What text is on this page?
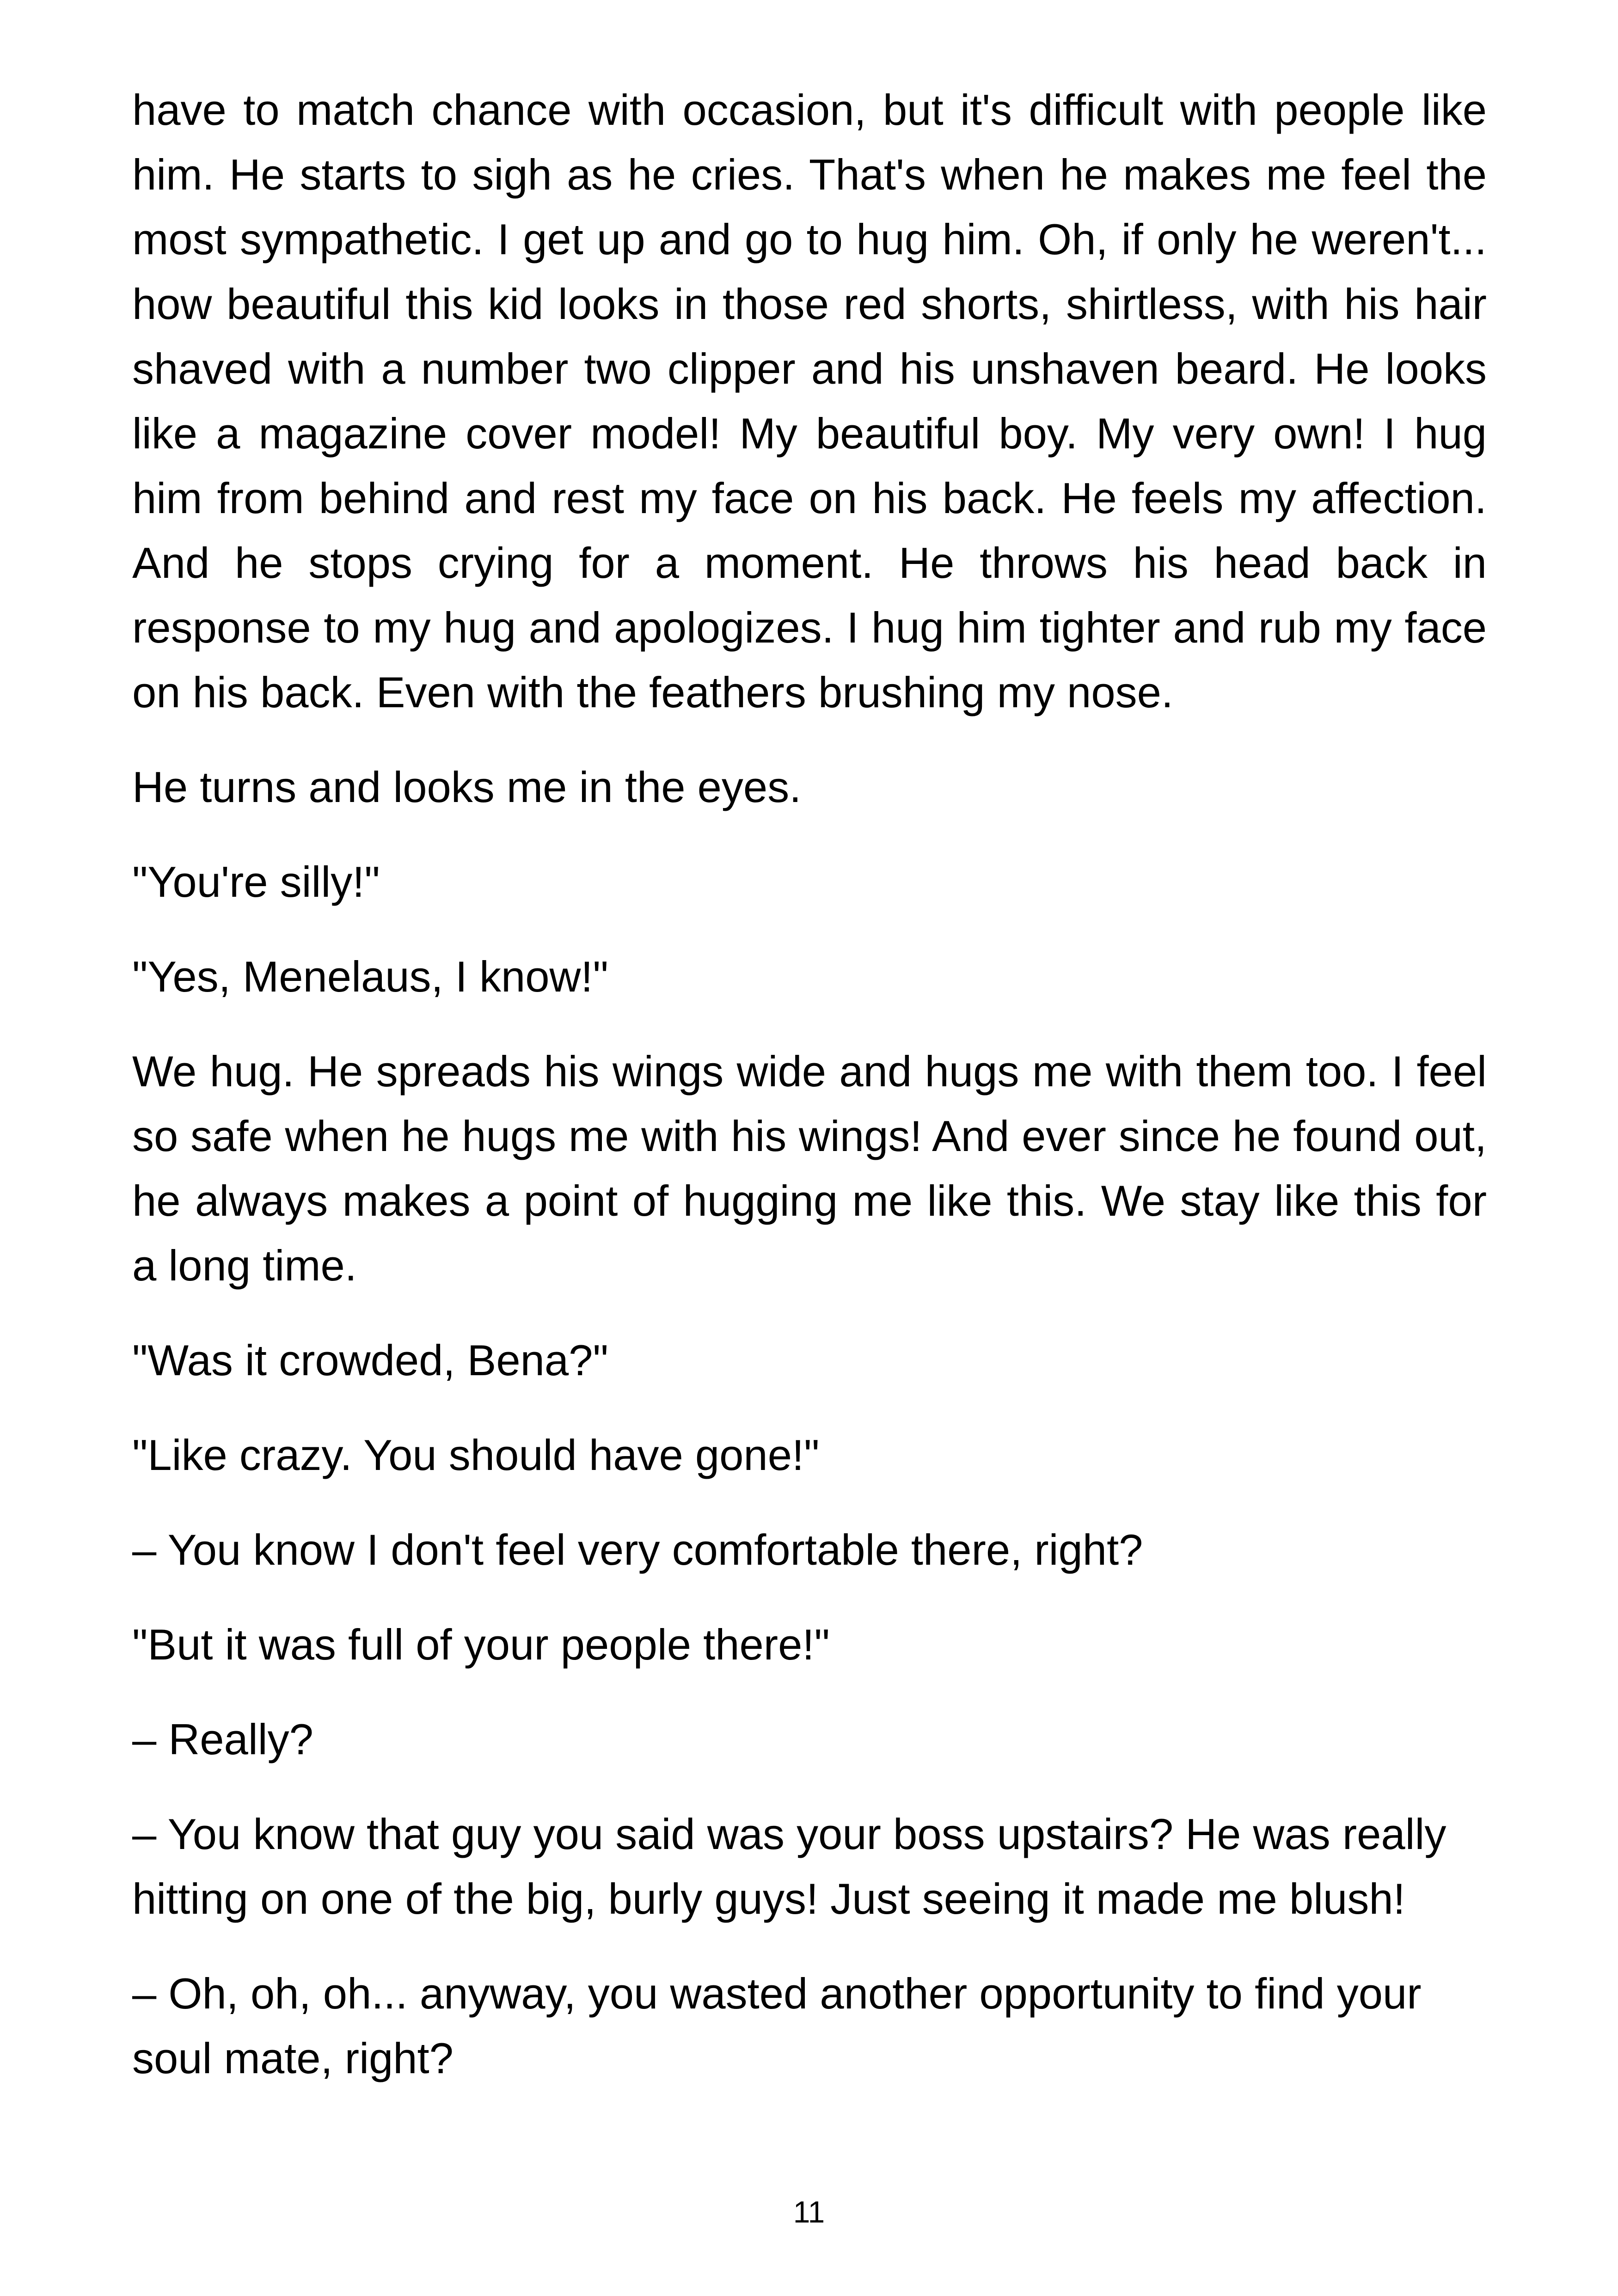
have to match chance with occasion, but it's difficult with people like him. He starts to sigh as he cries. That's when he makes me feel the most sympathetic. I get up and go to hug him. Oh, if only he weren't... how beautiful this kid looks in those red shorts, shirtless, with his hair shaved with a number two clipper and his unshaven beard. He looks like a magazine cover model! My beautiful boy. My very own! I hug him from behind and rest my face on his back. He feels my affection. And he stops crying for a moment. He throws his head back in response to my hug and apologizes. I hug him tighter and rub my face on his back. Even with the feathers brushing my nose.

He turns and looks me in the eyes.

"You're silly!"

"Yes, Menelaus, I know!"

We hug. He spreads his wings wide and hugs me with them too. I feel so safe when he hugs me with his wings! And ever since he found out, he always makes a point of hugging me like this. We stay like this for a long time.

"Was it crowded, Bena?"

"Like crazy. You should have gone!"

– You know I don't feel very comfortable there, right?

"But it was full of your people there!"

– Really?

– You know that guy you said was your boss upstairs? He was really hitting on one of the big, burly guys! Just seeing it made me blush!

– Oh, oh, oh... anyway, you wasted another opportunity to find your soul mate, right?

11
